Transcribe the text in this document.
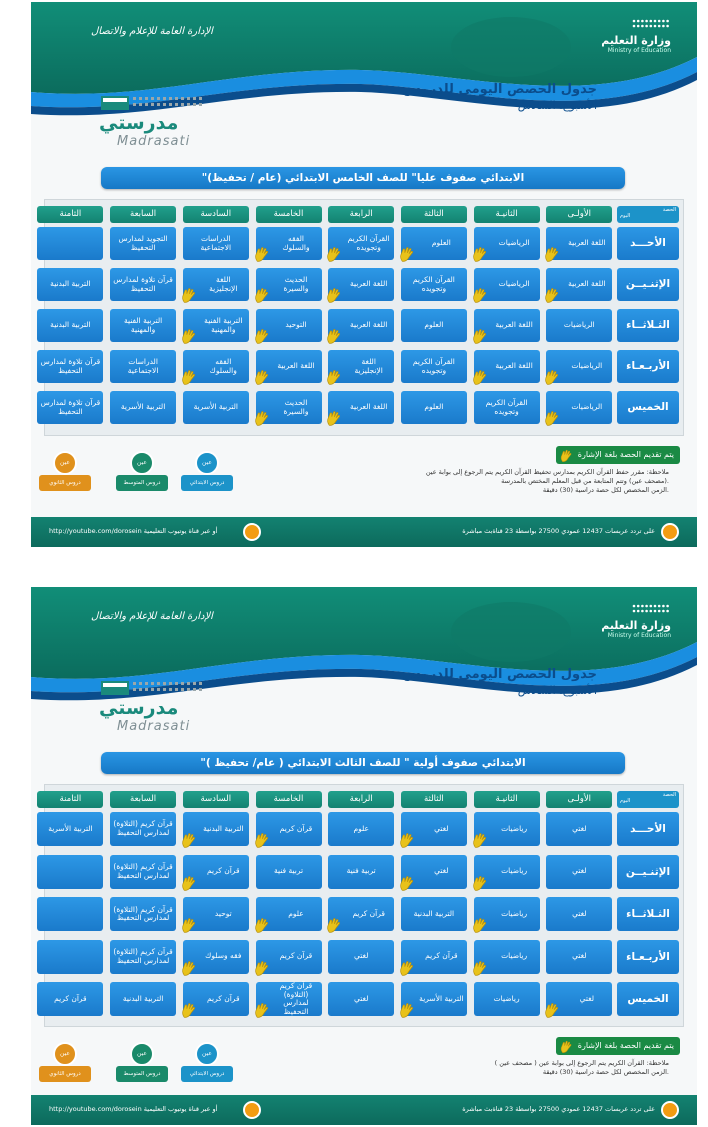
الإدارة العامة للإعلام والاتصال
وزارة التعليم
Ministry of Education
جدول الحصص اليومي للدروس
الأسبوع: السادس
مدرستي
Madrasati
"الابتدائي صفوف عليا" للصف الخامس الابتدائي (عام / تحفيظ)
الحصة
اليوم
الأولـى
الثانيـة
الثالثة
الرابعة
الخامسة
السادسة
السابعة
الثامنة
الأحـــد
اللغة العربية
الرياضيات
العلوم
القرآن الكريم وتجويده
الفقه والسلوك
الدراسات الاجتماعية
التجويد لمدارس التحفيظ
الإثنـيــن
اللغة العربية
الرياضيات
القرآن الكريم وتجويده
اللغة العربية
الحديث والسيرة
اللغة الإنجليزية
قرآن تلاوة لمدارس التحفيظ
التربية البدنية
الثـلاثــاء
الرياضيات
اللغة العربية
العلوم
اللغة العربية
التوحيد
التربية الفنية والمهنية
التربية الفنية والمهنية
التربية البدنية
الأربـعـاء
الرياضيات
اللغة العربية
القرآن الكريم وتجويده
اللغة الإنجليزية
اللغة العربية
الفقه والسلوك
الدراسات الاجتماعية
قرآن تلاوة لمدارس التحفيظ
الخميس
الرياضيات
القرآن الكريم وتجويده
العلوم
اللغة العربية
الحديث والسيرة
التربية الأسرية
التربية الأسرية
قرآن تلاوة لمدارس التحفيظ
يتم تقديم الحصة بلغة الإشارة
ملاحظة: مقرر حفظ القرآن الكريم بمدارس تحفيظ القرآن الكريم يتم الرجوع إلى بوابة عين (مصحف عين) وتتم المتابعة من قبل المعلم المختص بالمدرسة.
الزمن المخصص لكل حصة دراسية (30) دقيقة.
عين
دروس الابتدائي
عين
دروس المتوسط
عين
دروس الثانوي
http://youtube.com/dorosein أو عبر قناة يوتيوب التعليمية	على تردد عربسات 12437 عمودي 27500 بواسطة 23 قناةبث مباشرة
الإدارة العامة للإعلام والاتصال
وزارة التعليم
Ministry of Education
جدول الحصص اليومي للدروس
الأسبوع: السادس
مدرستي
Madrasati
"الابتدائي صفوف أولية " للصف الثالث الابتدائي ( عام/ تحفيظ )
الحصة
اليوم
الأولـى
الثانيـة
الثالثة
الرابعة
الخامسة
السادسة
السابعة
الثامنة
الأحـــد
لغتي
رياضيات
لغتي
علوم
قرآن كريم
التربية البدنية
قرآن كريم (التلاوة) لمدارس التحفيظ
التربية الأسرية
الإثنـيــن
لغتي
رياضيات
لغتي
تربية فنية
تربية فنية
قرآن كريم
قرآن كريم (التلاوة) لمدارس التحفيظ
الثـلاثــاء
لغتي
رياضيات
التربية البدنية
قرآن كريم
علوم
توحيد
قرآن كريم (التلاوة) لمدارس التحفيظ
الأربـعـاء
لغتي
رياضيات
قرآن كريم
لغتي
قرآن كريم
فقه وسلوك
قرآن كريم (التلاوة) لمدارس التحفيظ
الخميس
لغتي
رياضيات
التربية الأسرية
لغتي
قرآن كريم (التلاوة) لمدارس التحفيظ
قرآن كريم
التربية البدنية
قرآن كريم
يتم تقديم الحصة بلغة الإشارة
ملاحظة: القرآن الكريم يتم الرجوع إلى بوابة عين ( مصحف عين )
الزمن المخصص لكل حصة دراسية (30) دقيقة.
عين
دروس الابتدائي
عين
دروس المتوسط
عين
دروس الثانوي
http://youtube.com/dorosein أو عبر قناة يوتيوب التعليمية	على تردد عربسات 12437 عمودي 27500 بواسطة 23 قناةبث مباشرة
